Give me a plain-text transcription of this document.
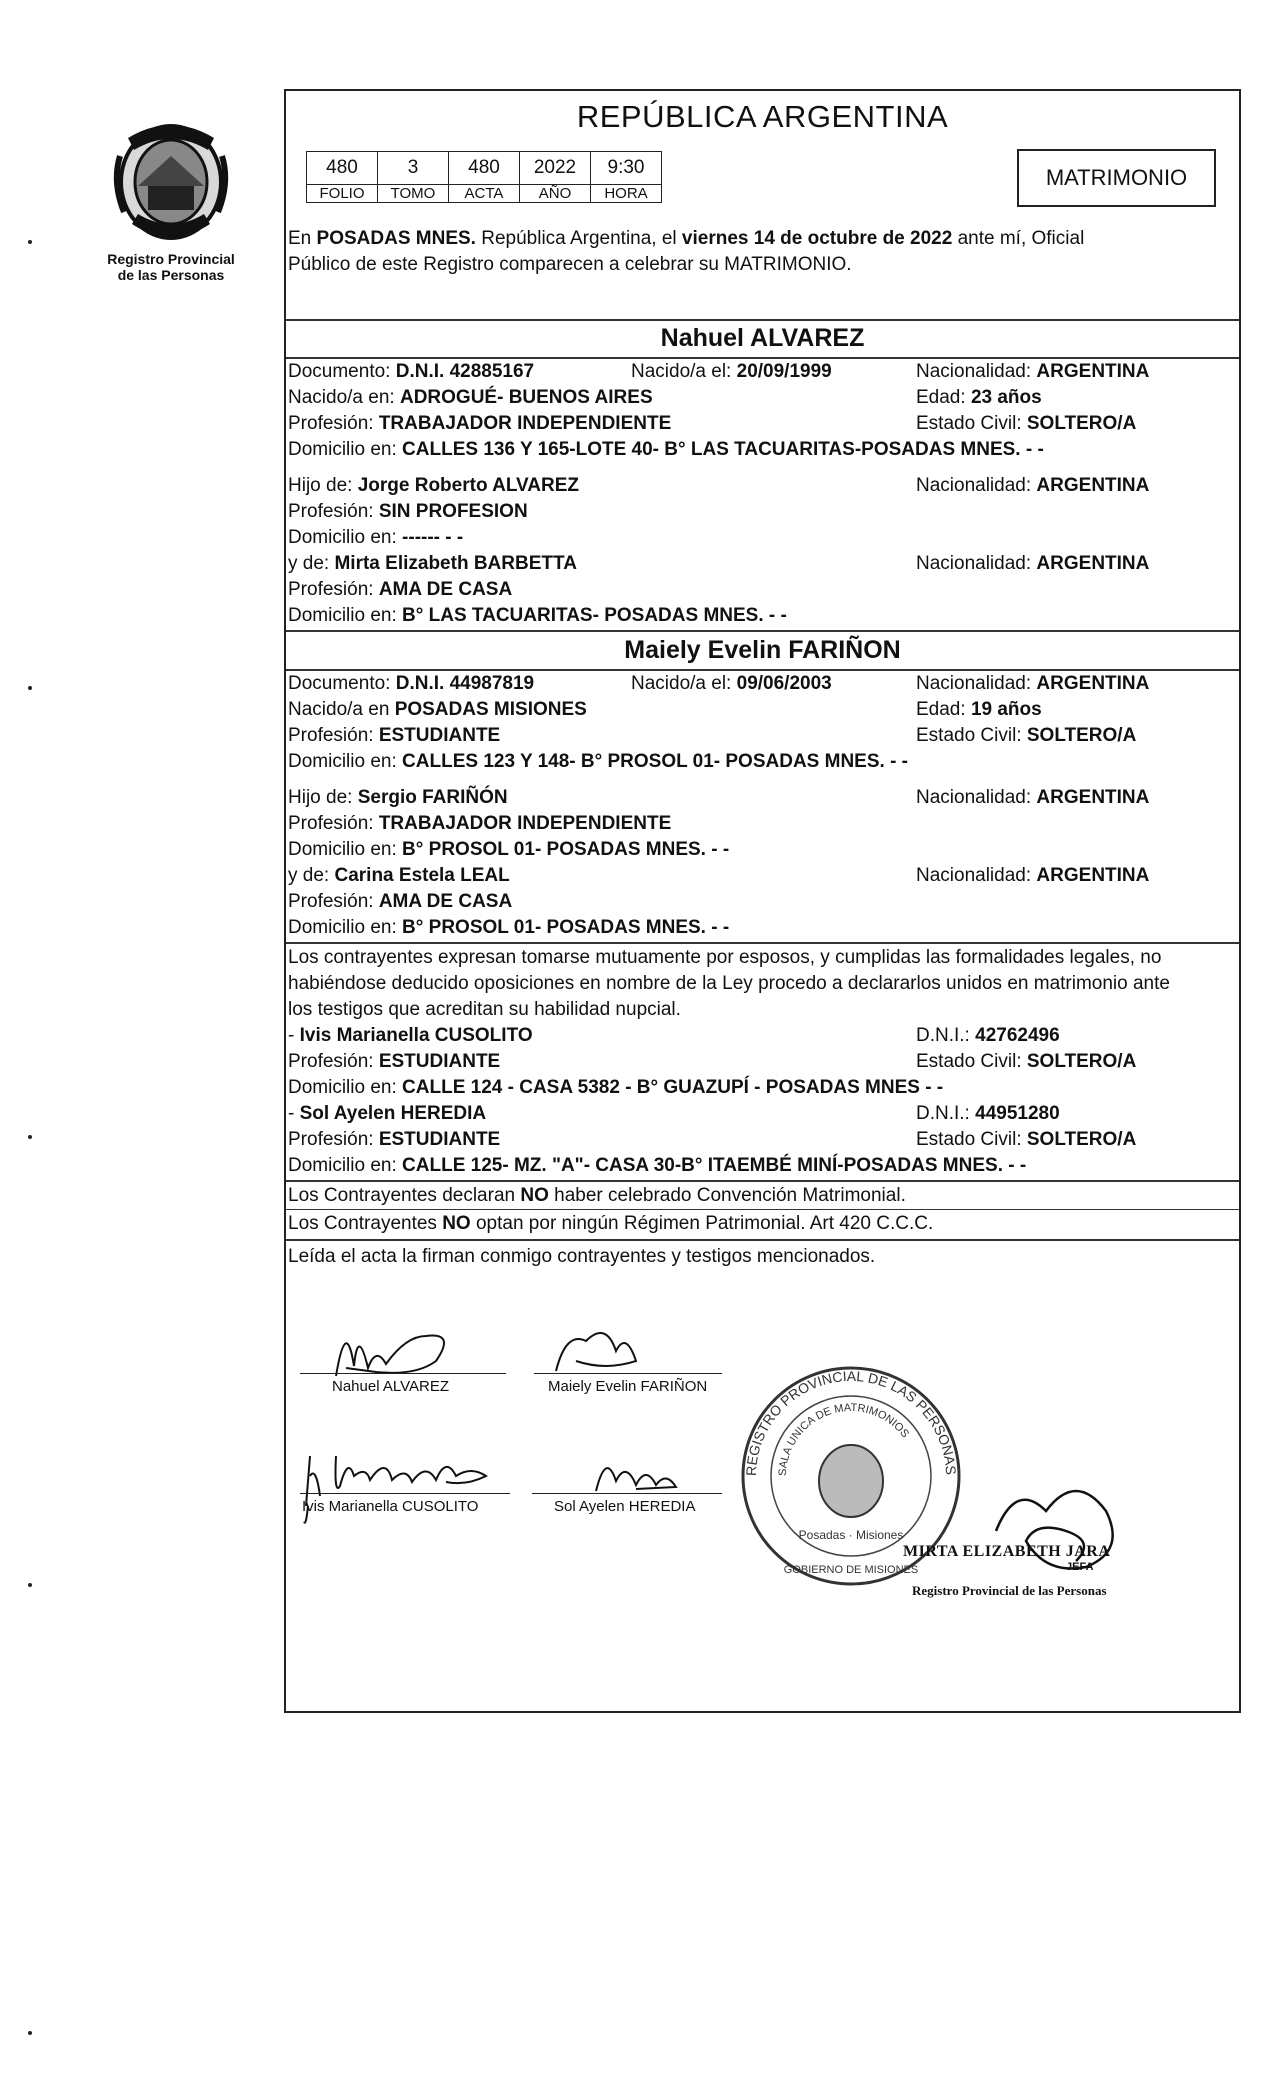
Registro Provincial
de las Personas
REPÚBLICA ARGENTINA
480	3	480	2022	9:30
FOLIO	TOMO	ACTA	AÑO	HORA
MATRIMONIO
En POSADAS MNES. República Argentina, el viernes 14 de octubre de 2022 ante mí, Oficial
Público de este Registro comparecen a celebrar su MATRIMONIO.
Nahuel ALVAREZ
Documento: D.N.I. 42885167	Nacido/a el: 20/09/1999	Nacionalidad: ARGENTINA
Nacido/a en: ADROGUÉ- BUENOS AIRES	Edad: 23 años
Profesión: TRABAJADOR INDEPENDIENTE	Estado Civil: SOLTERO/A
Domicilio en: CALLES 136 Y 165-LOTE 40- B° LAS TACUARITAS-POSADAS MNES. - -
Hijo de: Jorge Roberto ALVAREZ	Nacionalidad: ARGENTINA
Profesión: SIN PROFESION
Domicilio en: ------ - -
y de: Mirta Elizabeth BARBETTA	Nacionalidad: ARGENTINA
Profesión: AMA DE CASA
Domicilio en: B° LAS TACUARITAS- POSADAS MNES. - -
Maiely Evelin FARIÑON
Documento: D.N.I. 44987819	Nacido/a el: 09/06/2003	Nacionalidad: ARGENTINA
Nacido/a en POSADAS MISIONES	Edad: 19 años
Profesión: ESTUDIANTE	Estado Civil: SOLTERO/A
Domicilio en: CALLES 123 Y 148- B° PROSOL 01- POSADAS MNES. - -
Hijo de: Sergio FARIÑÓN	Nacionalidad: ARGENTINA
Profesión: TRABAJADOR INDEPENDIENTE
Domicilio en: B° PROSOL 01- POSADAS MNES. - -
y de: Carina Estela LEAL	Nacionalidad: ARGENTINA
Profesión: AMA DE CASA
Domicilio en: B° PROSOL 01- POSADAS MNES. - -
Los contrayentes expresan tomarse mutuamente por esposos, y cumplidas las formalidades legales, no
habiéndose deducido oposiciones en nombre de la Ley procedo a declararlos unidos en matrimonio ante
los testigos que acreditan su habilidad nupcial.
- Ivis Marianella CUSOLITO	D.N.I.: 42762496
Profesión: ESTUDIANTE	Estado Civil: SOLTERO/A
Domicilio en: CALLE 124 - CASA 5382 - B° GUAZUPÍ - POSADAS MNES - -
- Sol Ayelen HEREDIA	D.N.I.: 44951280
Profesión: ESTUDIANTE	Estado Civil: SOLTERO/A
Domicilio en: CALLE 125- MZ. "A"- CASA 30-B° ITAEMBÉ MINÍ-POSADAS MNES. - -
Los Contrayentes declaran NO haber celebrado Convención Matrimonial.
Los Contrayentes NO optan por ningún Régimen Patrimonial. Art 420 C.C.C.
Leída el acta la firman conmigo contrayentes y testigos mencionados.
Nahuel ALVAREZ	Maiely Evelin FARIÑON
Ivis Marianella CUSOLITO	Sol Ayelen HEREDIA
REGISTRO PROVINCIAL DE LAS PERSONAS
SALA UNICA DE MATRIMONIOS
Posadas · Misiones
GOBIERNO DE MISIONES
MIRTA ELIZABETH JARA
JEFA
Registro Provincial de las Personas
